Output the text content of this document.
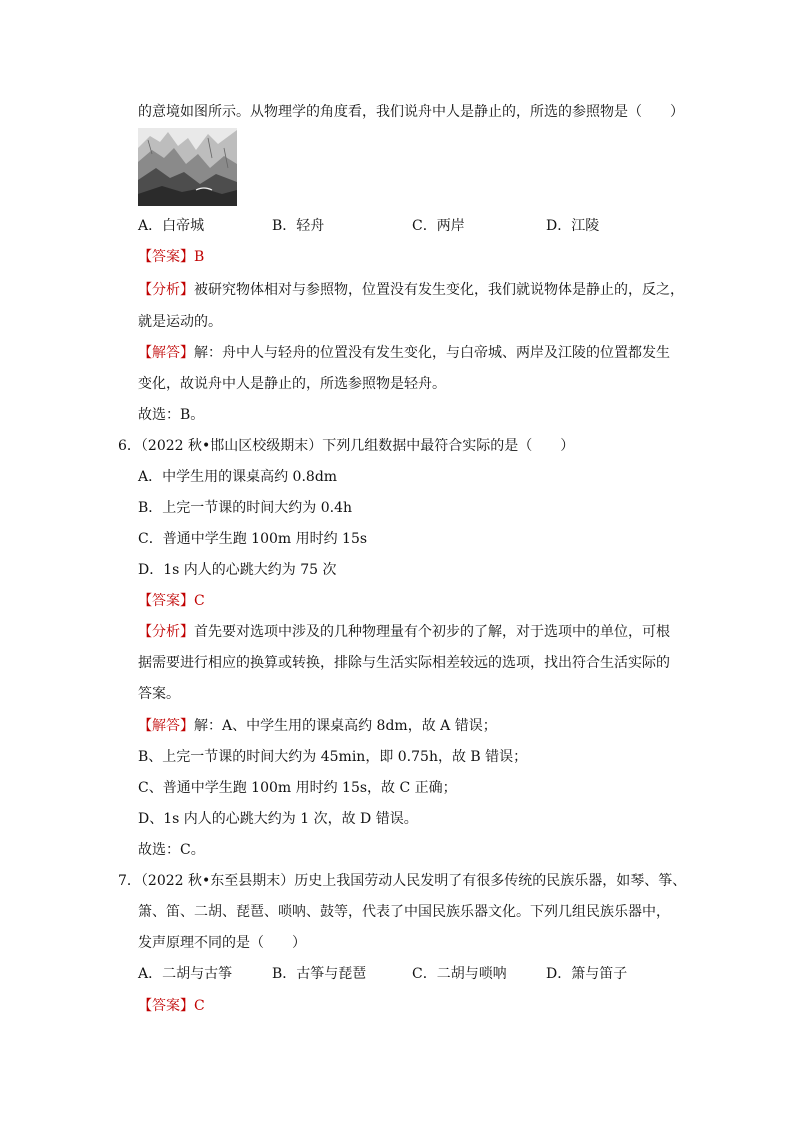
的意境如图所示。从物理学的角度看，我们说舟中人是静止的，所选的参照物是（　　）
A．白帝城	B．轻舟	C．两岸	D．江陵
【答案】B
【分析】被研究物体相对与参照物，位置没有发生变化，我们就说物体是静止的，反之，
就是运动的。
【解答】解：舟中人与轻舟的位置没有发生变化，与白帝城、两岸及江陵的位置都发生
变化，故说舟中人是静止的，所选参照物是轻舟。
故选：B。
6．（2022 秋•邯山区校级期末）下列几组数据中最符合实际的是（　　）
A．中学生用的课桌高约 0.8dm
B．上完一节课的时间大约为 0.4h
C．普通中学生跑 100m 用时约 15s
D．1s 内人的心跳大约为 75 次
【答案】C
【分析】首先要对选项中涉及的几种物理量有个初步的了解，对于选项中的单位，可根
据需要进行相应的换算或转换，排除与生活实际相差较远的选项，找出符合生活实际的
答案。
【解答】解：A、中学生用的课桌高约 8dm，故 A 错误；
B、上完一节课的时间大约为 45min，即 0.75h，故 B 错误；
C、普通中学生跑 100m 用时约 15s，故 C 正确；
D、1s 内人的心跳大约为 1 次，故 D 错误。
故选：C。
7．（2022 秋•东至县期末）历史上我国劳动人民发明了有很多传统的民族乐器，如琴、筝、
箫、笛、二胡、琵琶、唢呐、鼓等，代表了中国民族乐器文化。下列几组民族乐器中，
发声原理不同的是（　　）
A．二胡与古筝	B．古筝与琵琶	C．二胡与唢呐	D．箫与笛子
【答案】C
